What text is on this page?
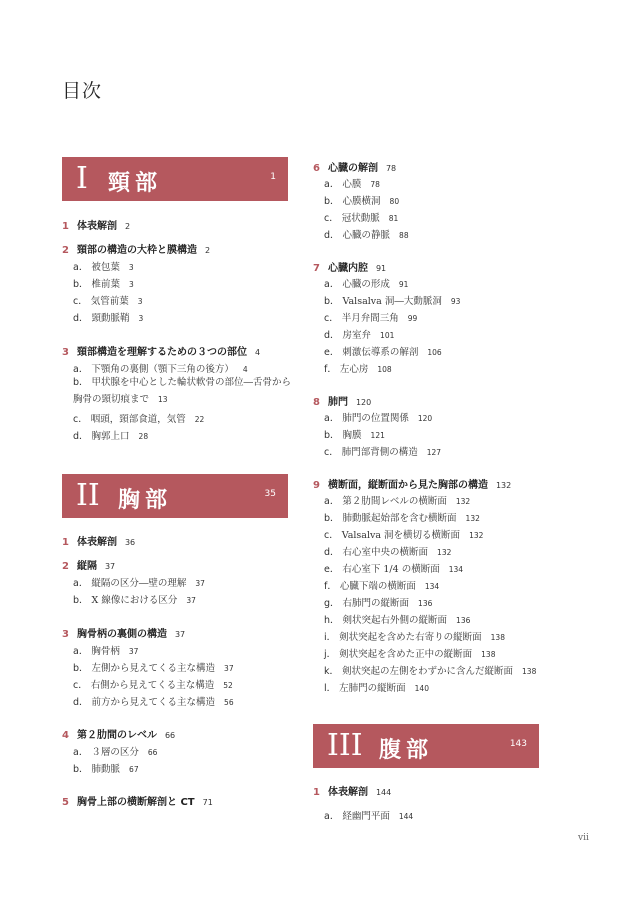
目次
I 頸部	1
1 体表解剖 2
2 頸部の構造の大枠と膜構造 2
a． 被包葉 3
b． 椎前葉 3
c． 気管前葉 3
d． 頸動脈鞘 3
3 頸部構造を理解するための３つの部位 4
a． 下顎角の裏側（顎下三角の後方） 4
b． 甲状腺を中心とした輪状軟骨の部位―舌骨から胸骨の頸切痕まで 13
c． 咽頭，頸部食道，気管 22
d． 胸郭上口 28
II 胸部	35
1 体表解剖 36
2 縦隔 37
a． 縦隔の区分―壁の理解 37
b． X 線像における区分 37
3 胸骨柄の裏側の構造 37
a． 胸骨柄 37
b． 左側から見えてくる主な構造 37
c． 右側から見えてくる主な構造 52
d． 前方から見えてくる主な構造 56
4 第２肋間のレベル 66
a． ３層の区分 66
b． 肺動脈 67
5 胸骨上部の横断解剖と CT 71
6 心臓の解剖 78
a． 心膜 78
b． 心膜横洞 80
c． 冠状動脈 81
d． 心臓の静脈 88
7 心臓内腔 91
a． 心臓の形成 91
b． Valsalva 洞―大動脈洞 93
c． 半月弁間三角 99
d． 房室弁 101
e． 刺激伝導系の解剖 106
f． 左心房 108
8 肺門 120
a． 肺門の位置関係 120
b． 胸膜 121
c． 肺門部背側の構造 127
9 横断面，縦断面から見た胸部の構造 132
a． 第２肋間レベルの横断面 132
b． 肺動脈起始部を含む横断面 132
c． Valsalva 洞を横切る横断面 132
d． 右心室中央の横断面 132
e． 右心室下 1/4 の横断面 134
f． 心臓下端の横断面 134
g． 右肺門の縦断面 136
h． 剣状突起右外側の縦断面 136
i． 剣状突起を含めた右寄りの縦断面 138
j． 剣状突起を含めた正中の縦断面 138
k． 剣状突起の左側をわずかに含んだ縦断面 138
l． 左肺門の縦断面 140
III 腹部	143
1 体表解剖 144
a． 経幽門平面 144
vii
